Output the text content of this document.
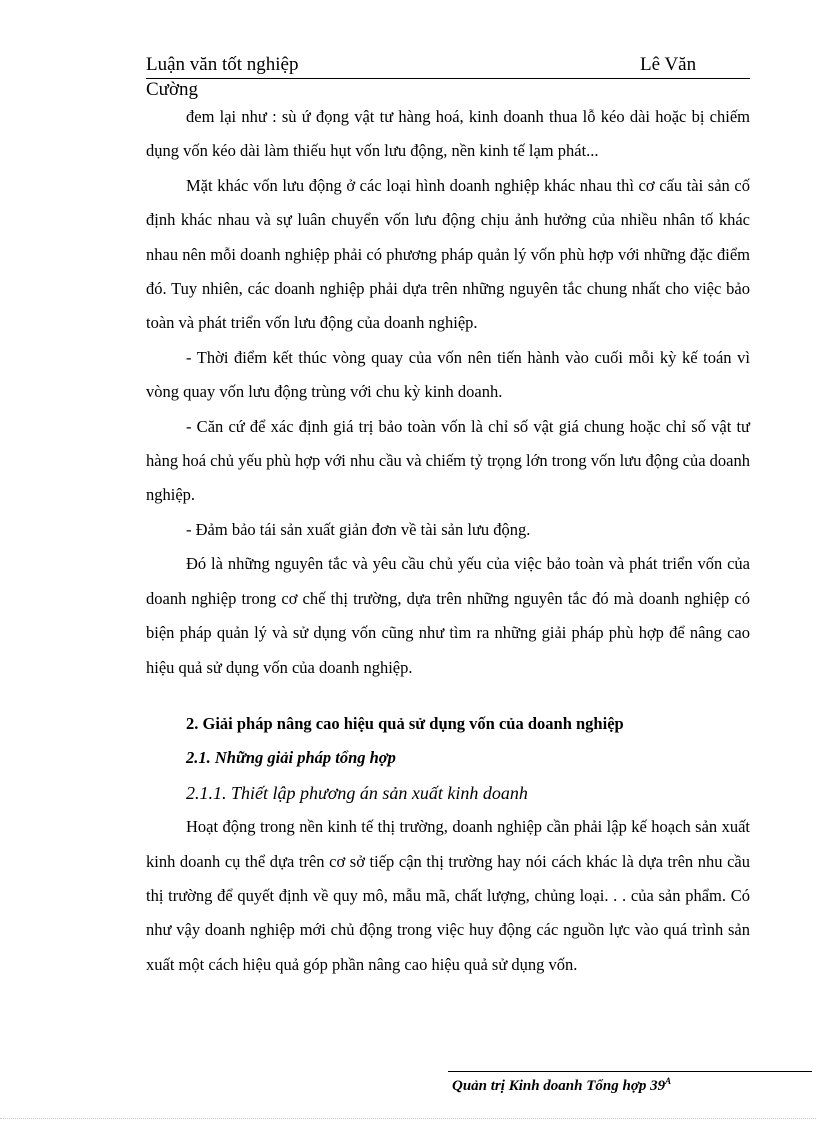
Luận văn tốt nghiệp	Lê Văn
Cường

đem lại như : sù ứ đọng vật tư hàng hoá, kinh doanh thua lỗ kéo dài hoặc bị chiếm dụng vốn kéo dài làm thiếu hụt vốn lưu động, nền kinh tế lạm phát...

Mặt khác vốn lưu động ở các loại hình doanh nghiệp khác nhau thì cơ cấu tài sản cố định khác nhau và sự luân chuyển vốn lưu động chịu ảnh hưởng của nhiều nhân tố khác nhau nên mỗi doanh nghiệp phải có phương pháp quản lý vốn phù hợp với những đặc điểm đó. Tuy nhiên, các doanh nghiệp phải dựa trên những nguyên tắc chung nhất cho việc bảo toàn và phát triển vốn lưu động của doanh nghiệp.

- Thời điểm kết thúc vòng quay của vốn nên tiến hành vào cuối mỗi kỳ kế toán vì vòng quay vốn lưu động trùng với chu kỳ kinh doanh.

- Căn cứ để xác định giá trị bảo toàn vốn là chỉ số vật giá chung hoặc chỉ số vật tư hàng hoá chủ yếu phù hợp với nhu cầu và chiếm tỷ trọng lớn trong vốn lưu động của doanh nghiệp.

- Đảm bảo tái sản xuất giản đơn về tài sản lưu động.

Đó là những nguyên tắc và yêu cầu chủ yếu của việc bảo toàn và phát triển vốn của doanh nghiệp trong cơ chế thị trường, dựa trên những nguyên tắc đó mà doanh nghiệp có biện pháp quản lý và sử dụng vốn cũng như tìm ra những giải pháp phù hợp để nâng cao hiệu quả sử dụng vốn của doanh nghiệp.

2. Giải pháp nâng cao hiệu quả sử dụng vốn của doanh nghiệp
2.1. Những giải pháp tổng hợp
2.1.1. Thiết lập phương án sản xuất kinh doanh

Hoạt động trong nền kinh tế thị trường, doanh nghiệp cần phải lập kế hoạch sản xuất kinh doanh cụ thể dựa trên cơ sở tiếp cận thị trường hay nói cách khác là dựa trên nhu cầu thị trường để quyết định về quy mô, mẫu mã, chất lượng, chủng loại. . . của sản phẩm. Có như vậy doanh nghiệp mới chủ động trong việc huy động các nguồn lực vào quá trình sản xuất một cách hiệu quả góp phần nâng cao hiệu quả sử dụng vốn.

Quản trị Kinh doanh Tổng hợp $39^A$
